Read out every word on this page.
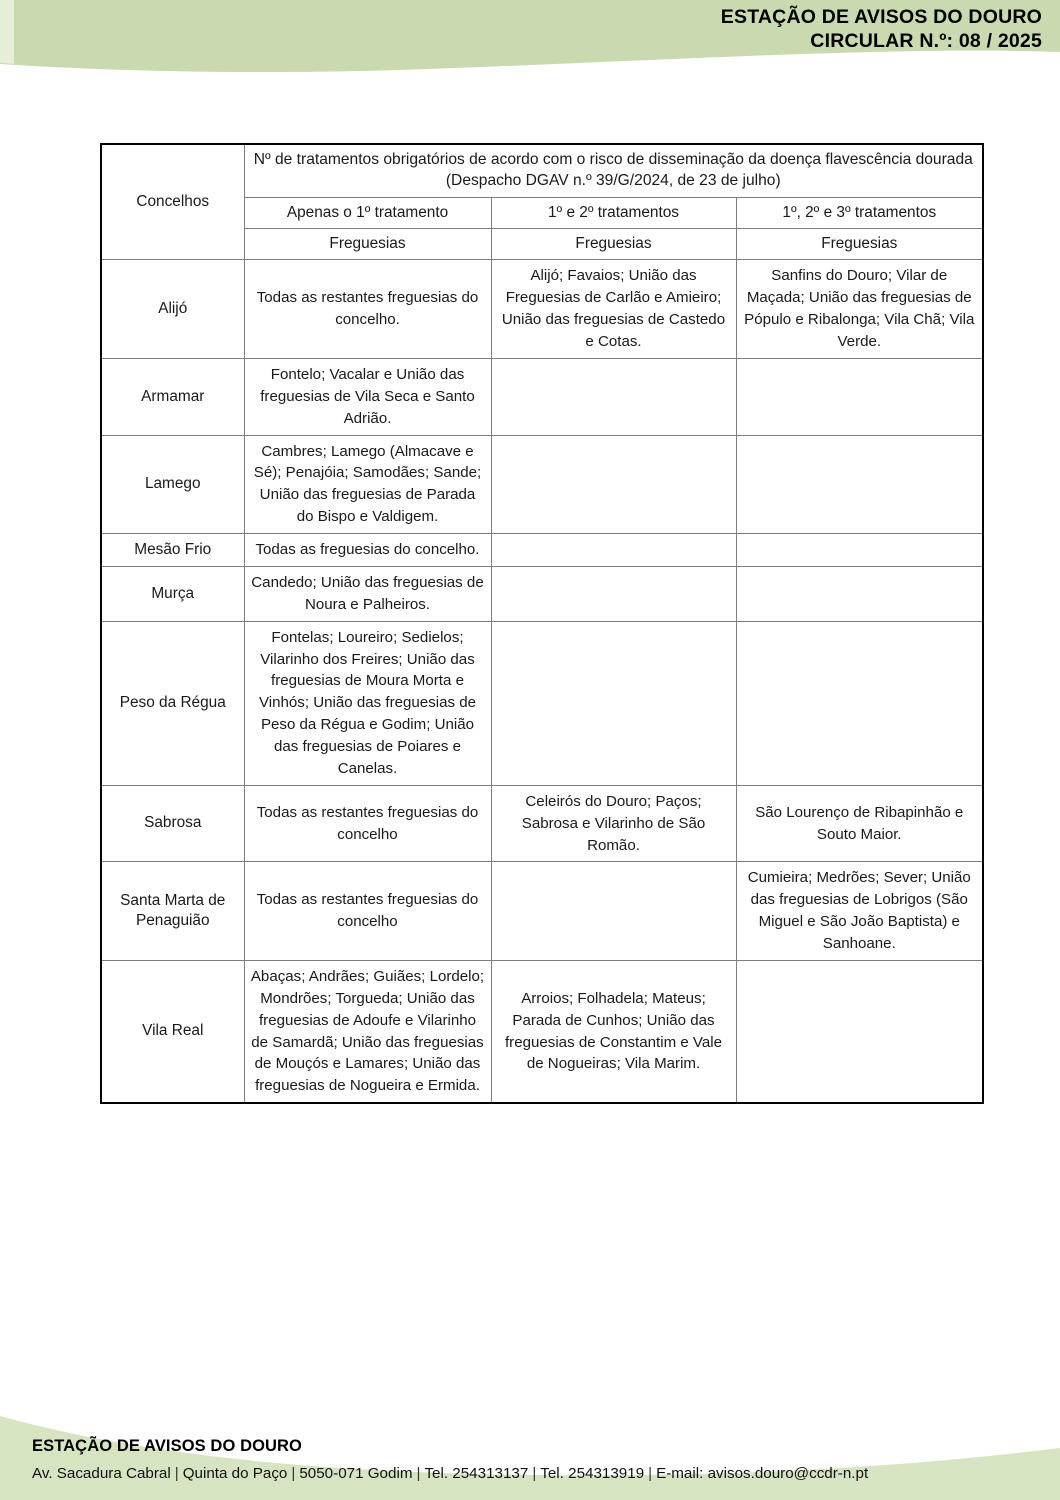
ESTAÇÃO DE AVISOS DO DOURO
CIRCULAR N.º: 08 / 2025
Concelhos	Nº de tratamentos obrigatórios de acordo com o risco de disseminação da doença flavescência dourada (Despacho DGAV n.º 39/G/2024, de 23 de julho)		
	Apenas o 1º tratamento	1º e 2º tratamentos	1º, 2º e 3º tratamentos
	Freguesias	Freguesias	Freguesias
Alijó	Todas as restantes freguesias do concelho.	Alijó; Favaios; União das Freguesias de Carlão e Amieiro; União das freguesias de Castedo e Cotas.	Sanfins do Douro; Vilar de Maçada; União das freguesias de Pópulo e Ribalonga; Vila Chã; Vila Verde.
Armamar	Fontelo; Vacalar e União das freguesias de Vila Seca e Santo Adrião.		
Lamego	Cambres; Lamego (Almacave e Sé); Penajóia; Samodães; Sande; União das freguesias de Parada do Bispo e Valdigem.		
Mesão Frio	Todas as freguesias do concelho.		
Murça	Candedo; União das freguesias de Noura e Palheiros.		
Peso da Régua	Fontelas; Loureiro; Sedielos; Vilarinho dos Freires; União das freguesias de Moura Morta e Vinhós; União das freguesias de Peso da Régua e Godim; União das freguesias de Poiares e Canelas.		
Sabrosa	Todas as restantes freguesias do concelho	Celeirós do Douro; Paços; Sabrosa e Vilarinho de São Romão.	São Lourenço de Ribapinhão e Souto Maior.
Santa Marta de Penaguião	Todas as restantes freguesias do concelho		Cumieira; Medrões; Sever; União das freguesias de Lobrigos (São Miguel e São João Baptista) e Sanhoane.
Vila Real	Abaças; Andrães; Guiães; Lordelo; Mondrões; Torgueda; União das freguesias de Adoufe e Vilarinho de Samardã; União das freguesias de Mouçós e Lamares; União das freguesias de Nogueira e Ermida.	Arroios; Folhadela; Mateus; Parada de Cunhos; União das freguesias de Constantim e Vale de Nogueiras; Vila Marim.	
ESTAÇÃO DE AVISOS DO DOURO
Av. Sacadura Cabral | Quinta do Paço | 5050-071 Godim | Tel. 254313137 | Tel. 254313919 | E-mail: avisos.douro@ccdr-n.pt
